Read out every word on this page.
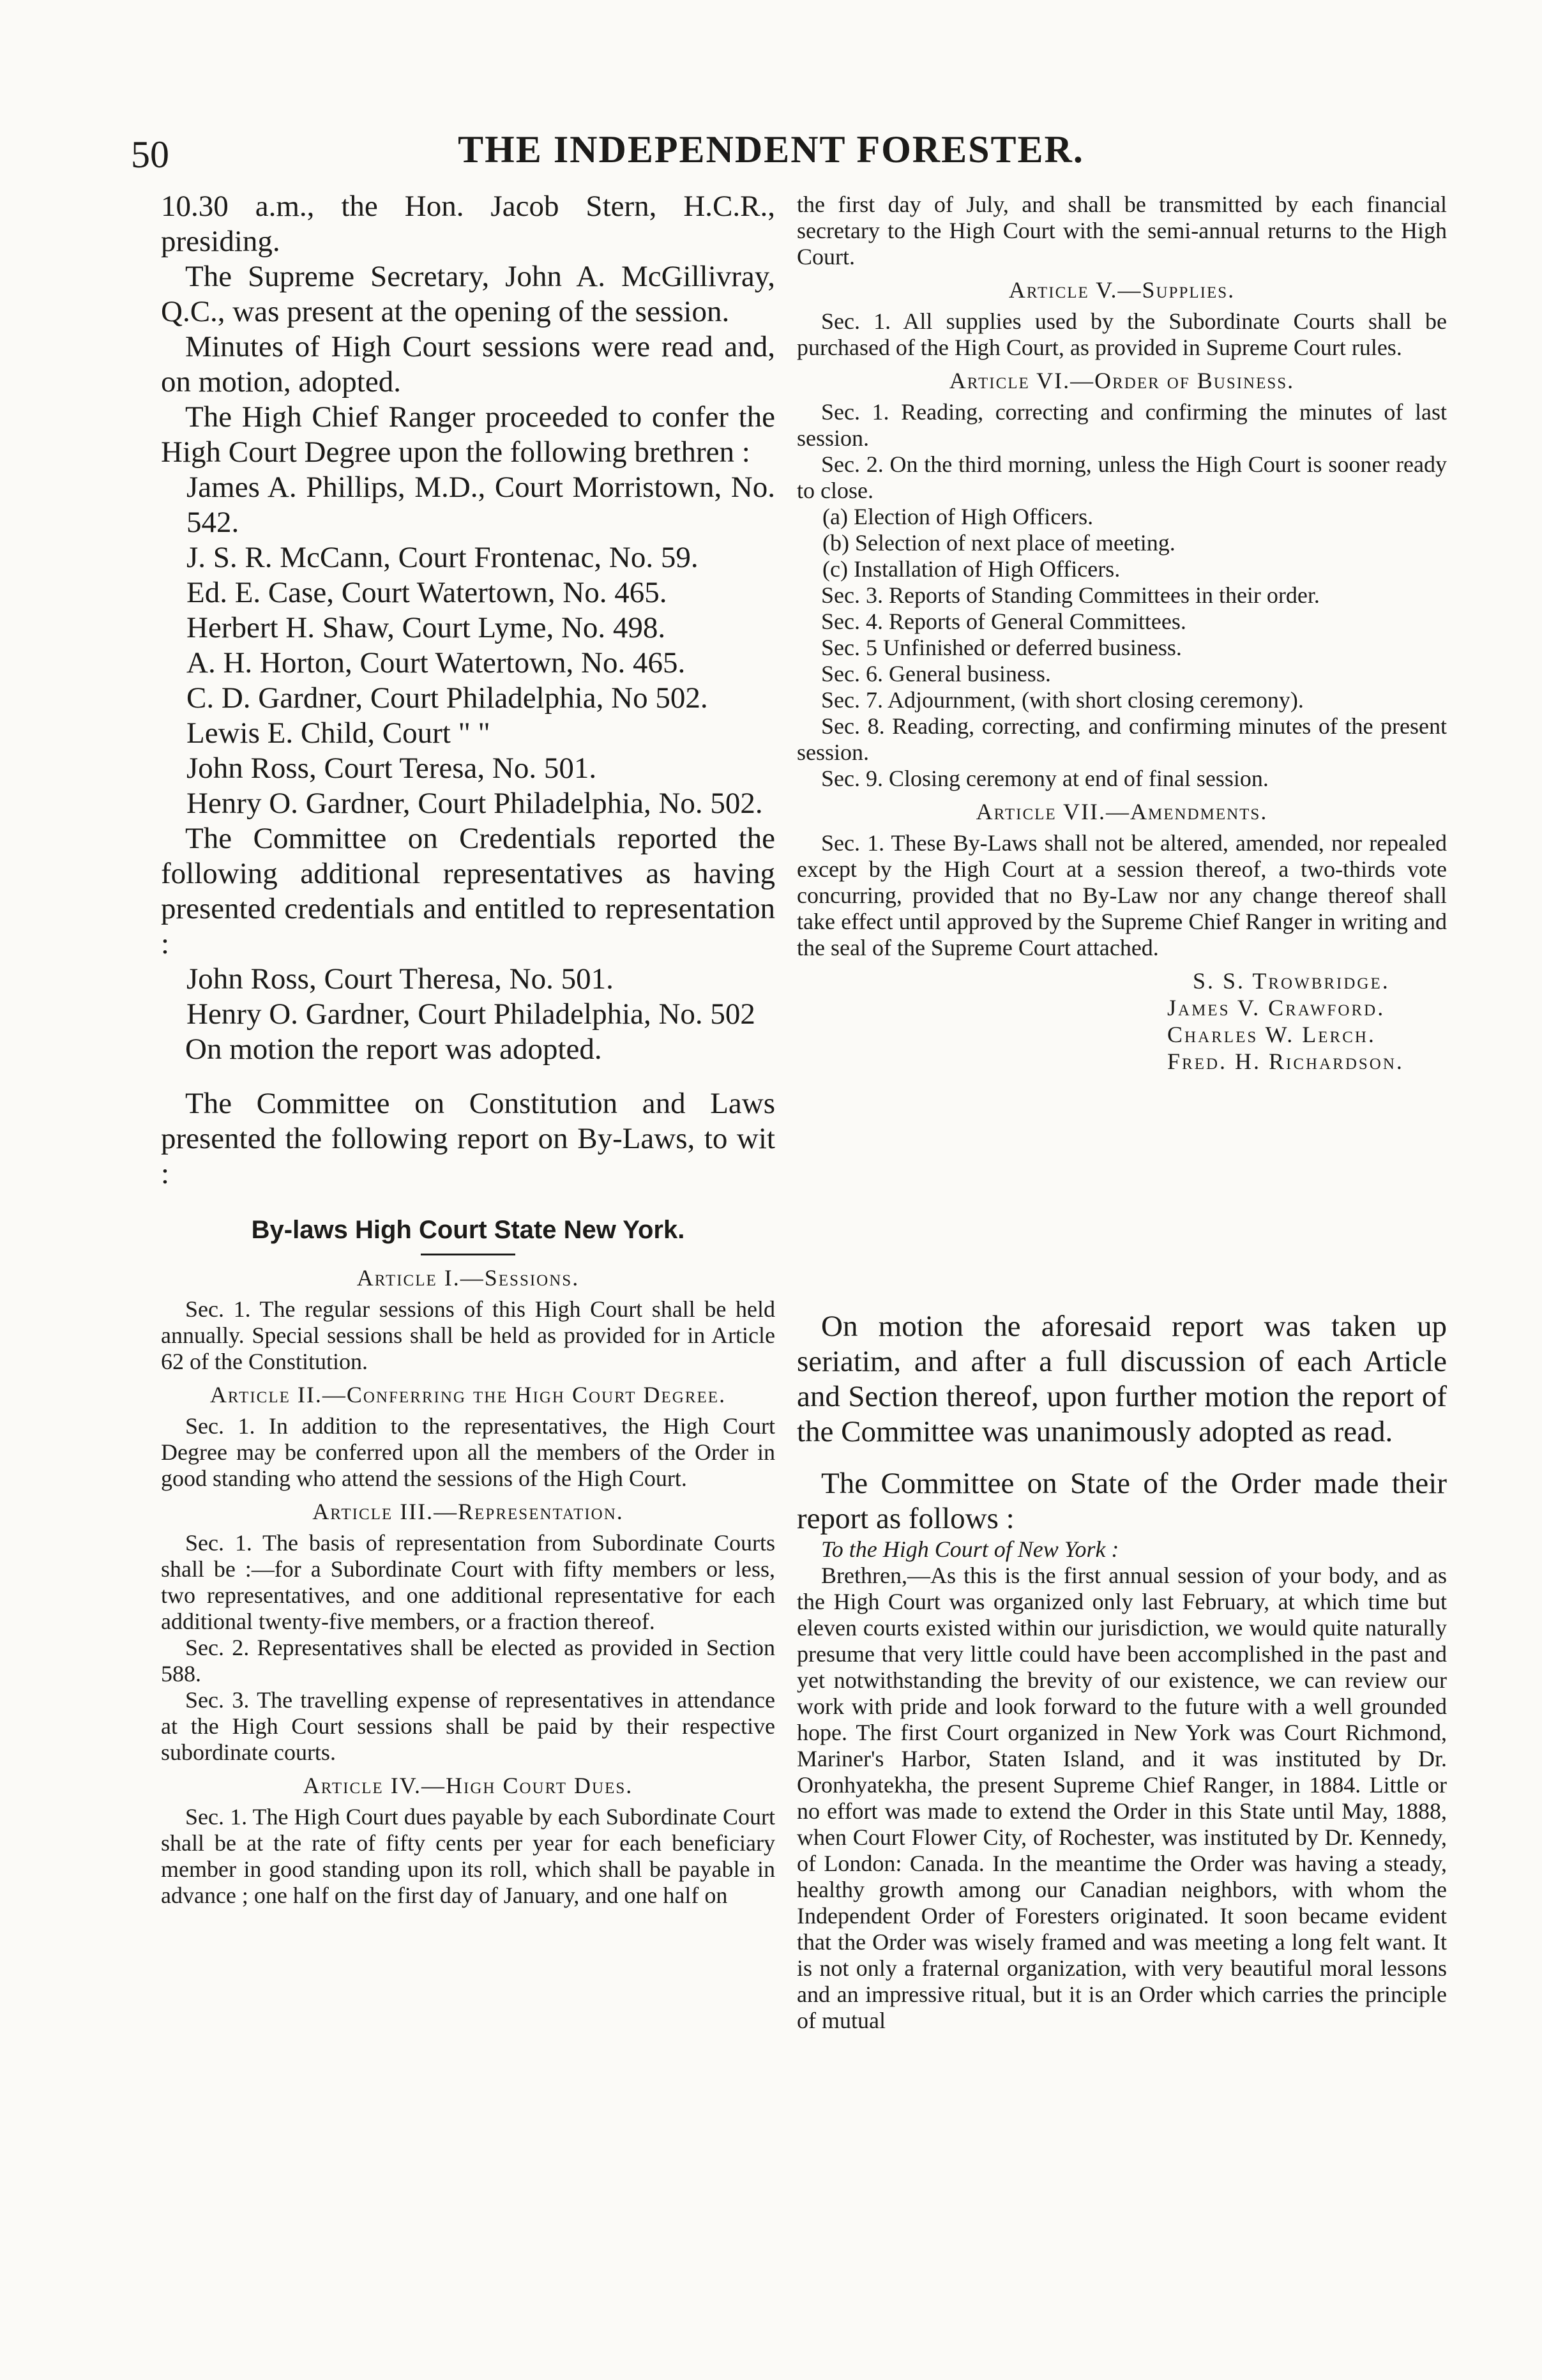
50	THE INDEPENDENT FORESTER.

10.30 a.m., the Hon. Jacob Stern, H.C.R., presiding.

The Supreme Secretary, John A. McGillivray, Q.C., was present at the opening of the session.

Minutes of High Court sessions were read and, on motion, adopted.

The High Chief Ranger proceeded to confer the High Court Degree upon the following brethren :

James A. Phillips, M.D., Court Morristown, No. 542.

J. S. R. McCann, Court Frontenac, No. 59.

Ed. E. Case, Court Watertown, No. 465.

Herbert H. Shaw, Court Lyme, No. 498.

A. H. Horton, Court Watertown, No. 465.

C. D. Gardner, Court Philadelphia, No 502.

Lewis E. Child, Court " "

John Ross, Court Teresa, No. 501.

Henry O. Gardner, Court Philadelphia, No. 502.

The Committee on Credentials reported the following additional representatives as having presented credentials and entitled to representation :

John Ross, Court Theresa, No. 501.

Henry O. Gardner, Court Philadelphia, No. 502

On motion the report was adopted.

The Committee on Constitution and Laws presented the following report on By-Laws, to wit :

By-laws High Court State New York.
Article I.—Sessions.

Sec. 1. The regular sessions of this High Court shall be held annually. Special sessions shall be held as provided for in Article 62 of the Constitution.

Article II.—Conferring the High Court Degree.

Sec. 1. In addition to the representatives, the High Court Degree may be conferred upon all the members of the Order in good standing who attend the sessions of the High Court.

Article III.—Representation.

Sec. 1. The basis of representation from Subordinate Courts shall be :—for a Subordinate Court with fifty members or less, two representatives, and one additional representative for each additional twenty-five members, or a fraction thereof.

Sec. 2. Representatives shall be elected as provided in Section 588.

Sec. 3. The travelling expense of representatives in attendance at the High Court sessions shall be paid by their respective subordinate courts.

Article IV.—High Court Dues.

Sec. 1. The High Court dues payable by each Subordinate Court shall be at the rate of fifty cents per year for each beneficiary member in good standing upon its roll, which shall be payable in advance ; one half on the first day of January, and one half on

the first day of July, and shall be transmitted by each financial secretary to the High Court with the semi-annual returns to the High Court.

Article V.—Supplies.

Sec. 1. All supplies used by the Subordinate Courts shall be purchased of the High Court, as provided in Supreme Court rules.

Article VI.—Order of Business.

Sec. 1. Reading, correcting and confirming the minutes of last session.

Sec. 2. On the third morning, unless the High Court is sooner ready to close.

(a) Election of High Officers.

(b) Selection of next place of meeting.

(c) Installation of High Officers.

Sec. 3. Reports of Standing Committees in their order.

Sec. 4. Reports of General Committees.

Sec. 5 Unfinished or deferred business.

Sec. 6. General business.

Sec. 7. Adjournment, (with short closing ceremony).

Sec. 8. Reading, correcting, and confirming minutes of the present session.

Sec. 9. Closing ceremony at end of final session.

Article VII.—Amendments.

Sec. 1. These By-Laws shall not be altered, amended, nor repealed except by the High Court at a session thereof, a two-thirds vote concurring, provided that no By-Law nor any change thereof shall take effect until approved by the Supreme Chief Ranger in writing and the seal of the Supreme Court attached.

S. S. Trowbridge.
James V. Crawford.
Charles W. Lerch.
Fred. H. Richardson.

On motion the aforesaid report was taken up seriatim, and after a full discussion of each Article and Section thereof, upon further motion the report of the Committee was unanimously adopted as read.

The Committee on State of the Order made their report as follows :

To the High Court of New York :

Brethren,—As this is the first annual session of your body, and as the High Court was organized only last February, at which time but eleven courts existed within our jurisdiction, we would quite naturally presume that very little could have been accomplished in the past and yet notwithstanding the brevity of our existence, we can review our work with pride and look forward to the future with a well grounded hope. The first Court organized in New York was Court Richmond, Mariner's Harbor, Staten Island, and it was instituted by Dr. Oronhyatekha, the present Supreme Chief Ranger, in 1884. Little or no effort was made to extend the Order in this State until May, 1888, when Court Flower City, of Rochester, was instituted by Dr. Kennedy, of London: Canada. In the meantime the Order was having a steady, healthy growth among our Canadian neighbors, with whom the Independent Order of Foresters originated. It soon became evident that the Order was wisely framed and was meeting a long felt want. It is not only a fraternal organization, with very beautiful moral lessons and an impressive ritual, but it is an Order which carries the principle of mutual
